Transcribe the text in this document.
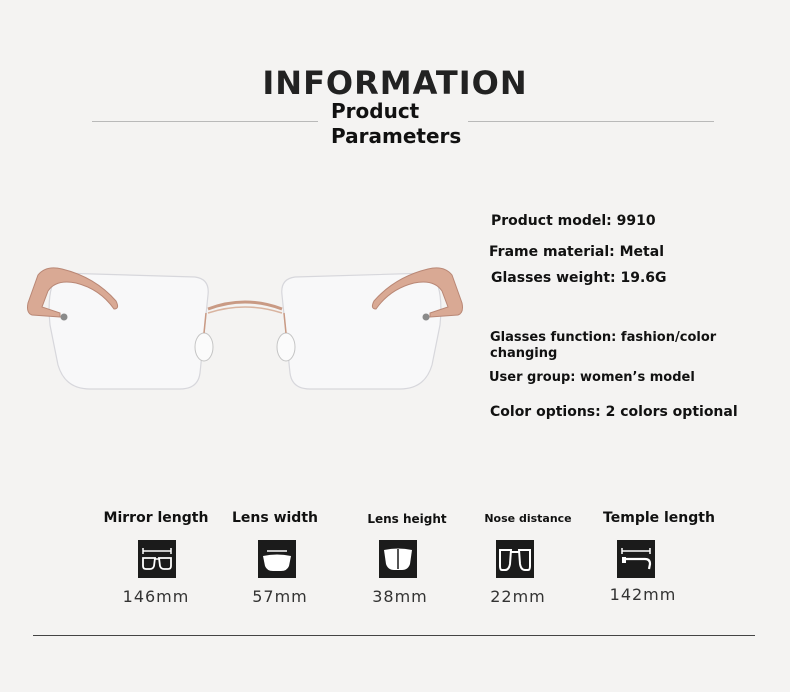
INFORMATION
Product
Parameters
Product model: 9910
Frame material: Metal
Glasses weight: 19.6G
Glasses function: fashion/color changing
User group: women’s model
Color options: 2 colors optional
Mirror length
146mm
Lens width
57mm
Lens height
38mm
Nose distance
22mm
Temple length
142mm
